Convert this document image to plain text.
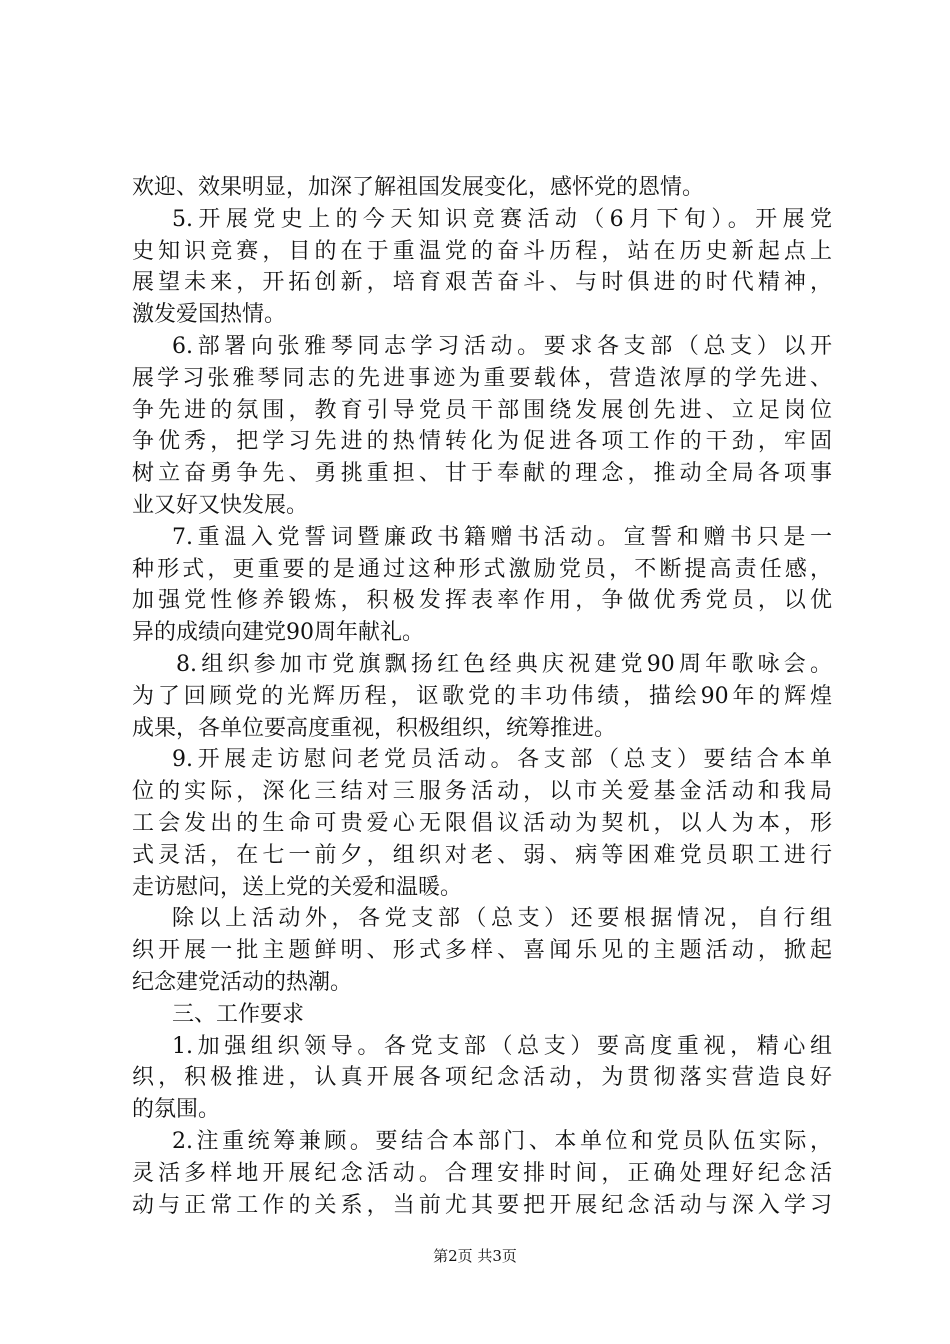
欢迎、效果明显，加深了解祖国发展变化，感怀党的恩情。
5.开展党史上的今天知识竞赛活动（6月下旬）。开展党
史知识竞赛，目的在于重温党的奋斗历程，站在历史新起点上
展望未来，开拓创新，培育艰苦奋斗、与时俱进的时代精神，
激发爱国热情。
6.部署向张雅琴同志学习活动。要求各支部（总支）以开
展学习张雅琴同志的先进事迹为重要载体，营造浓厚的学先进、
争先进的氛围，教育引导党员干部围绕发展创先进、立足岗位
争优秀，把学习先进的热情转化为促进各项工作的干劲，牢固
树立奋勇争先、勇挑重担、甘于奉献的理念，推动全局各项事
业又好又快发展。
7.重温入党誓词暨廉政书籍赠书活动。宣誓和赠书只是一
种形式，更重要的是通过这种形式激励党员，不断提高责任感，
加强党性修养锻炼，积极发挥表率作用，争做优秀党员，以优
异的成绩向建党90周年献礼。
8.组织参加市党旗飘扬红色经典庆祝建党90周年歌咏会。
为了回顾党的光辉历程，讴歌党的丰功伟绩，描绘90年的辉煌
成果，各单位要高度重视，积极组织，统筹推进。
9.开展走访慰问老党员活动。各支部（总支）要结合本单
位的实际，深化三结对三服务活动，以市关爱基金活动和我局
工会发出的生命可贵爱心无限倡议活动为契机，以人为本，形
式灵活，在七一前夕，组织对老、弱、病等困难党员职工进行
走访慰问，送上党的关爱和温暖。
除以上活动外，各党支部（总支）还要根据情况，自行组
织开展一批主题鲜明、形式多样、喜闻乐见的主题活动，掀起
纪念建党活动的热潮。
三、工作要求
1.加强组织领导。各党支部（总支）要高度重视，精心组
织，积极推进，认真开展各项纪念活动，为贯彻落实营造良好
的氛围。
2.注重统筹兼顾。要结合本部门、本单位和党员队伍实际，
灵活多样地开展纪念活动。合理安排时间，正确处理好纪念活
动与正常工作的关系，当前尤其要把开展纪念活动与深入学习
第2页 共3页
